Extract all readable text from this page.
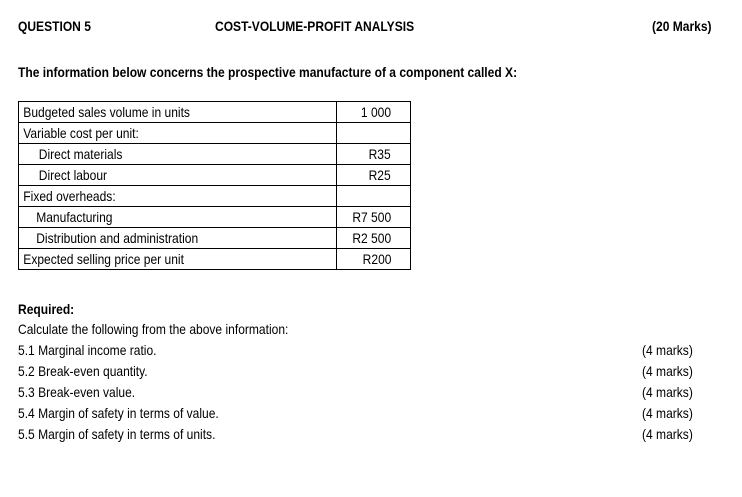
QUESTION 5	COST-VOLUME-PROFIT ANALYSIS	(20 Marks)
The information below concerns the prospective manufacture of a component called X:
Budgeted sales volume in units	1 000

Variable cost per unit:	

Direct materials	R35

Direct labour	R25

Fixed overheads:	

Manufacturing	R7 500

Distribution and administration	R2 500

Expected selling price per unit	R200
Required:
Calculate the following from the above information:
5.1 Marginal income ratio.	(4 marks)
5.2 Break-even quantity.	(4 marks)
5.3 Break-even value.	(4 marks)
5.4 Margin of safety in terms of value.	(4 marks)
5.5 Margin of safety in terms of units.	(4 marks)
